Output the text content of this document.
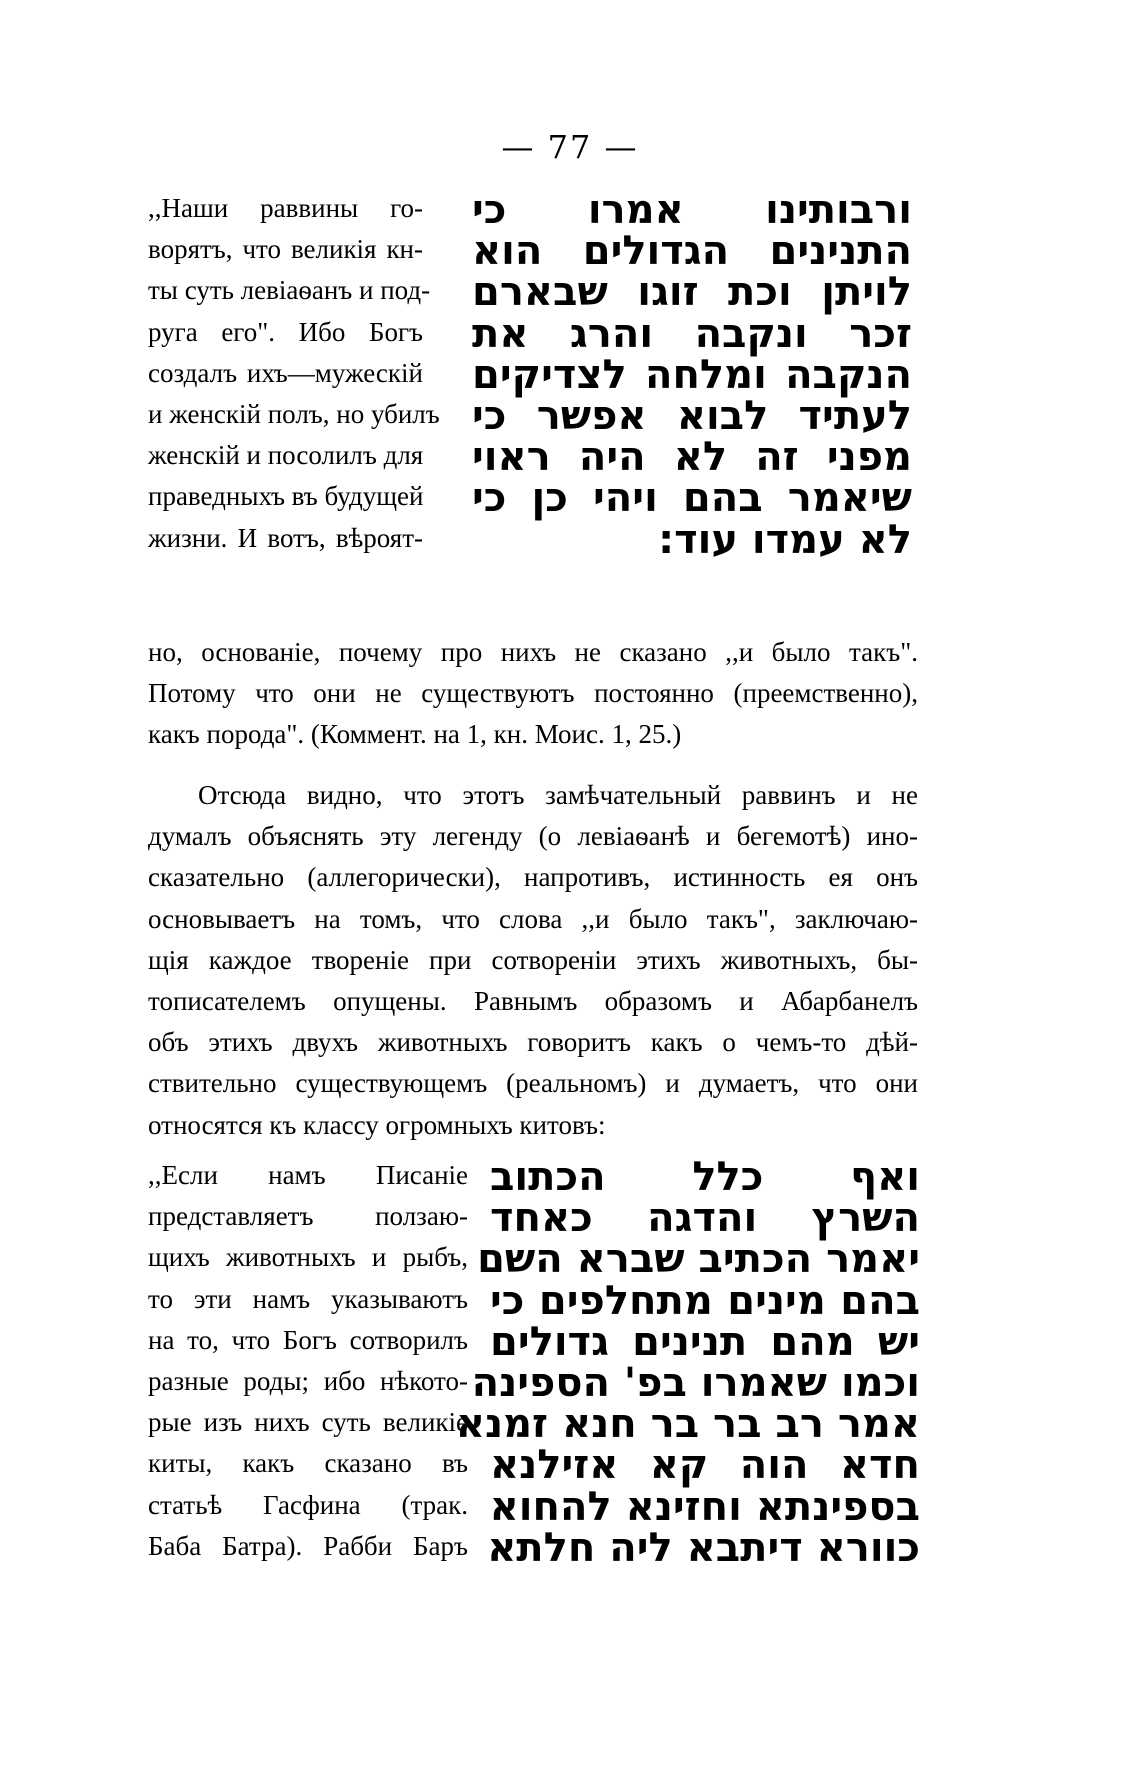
— 77 —
,,Наши раввины го-
ворятъ, что великія кн-
ты суть левіаѳанъ и под-
руга его". Ибо Богъ
создалъ ихъ—мужескій
и женскій полъ, но убилъ
женскій и посолилъ для
праведныхъ въ будущей
жизни. И вотъ, вѣроят-
ורבותינו אמרו כי
התנינים הגדולים הוא
לויתן וכת זוגו שבארם
זכר ונקבה והרג את
הנקבה ומלחה לצדיקים
לעתיד לבוא אפשר כי
מפני זה לא היה ראוי
שיאמר בהם ויהי כן כי
לא עמדו עוד:
но, основаніе, почему про нихъ не сказано ,,и было такъ".
Потому что они не существуютъ постоянно (преемственно),
какъ порода". (Коммент. на 1, кн. Моис. 1, 25.)
Отсюда видно, что этотъ замѣчательный раввинъ и не
думалъ объяснять эту легенду (о левіаѳанѣ и бегемотѣ) ино-
сказательно (аллегорически), напротивъ, истинность ея онъ
основываетъ на томъ, что слова ,,и было такъ", заключаю-
щія каждое твореніе при сотвореніи этихъ животныхъ, бы-
тописателемъ опущены. Равнымъ образомъ и Абарбанелъ
объ этихъ двухъ животныхъ говоритъ какъ о чемъ-то дѣй-
ствительно существующемъ (реальномъ) и думаетъ, что они
относятся къ классу огромныхъ китовъ:
,,Если намъ Писаніе
представляетъ ползаю-
щихъ животныхъ и рыбъ,
то эти намъ указываютъ
на то, что Богъ сотворилъ
разные роды; ибо нѣкото-
рые изъ нихъ суть великіе
киты, какъ сказано въ
статьѣ Гасфина (трак.
Баба Батра). Рабби Баръ
ואף כלל הכתוב
השרץ והדגה כאחד
יאמר הכתיב שברא השם
בהם מינים מתחלפים כי
יש מהם תנינים גדולים
וכמו שאמרו בפ' הספינה
אמר רב בר בר חנא זמנא
חדא הוה קא אזילנא
בספינתא וחזינא להחוא
כוורא דיתבא ליה חלתא
